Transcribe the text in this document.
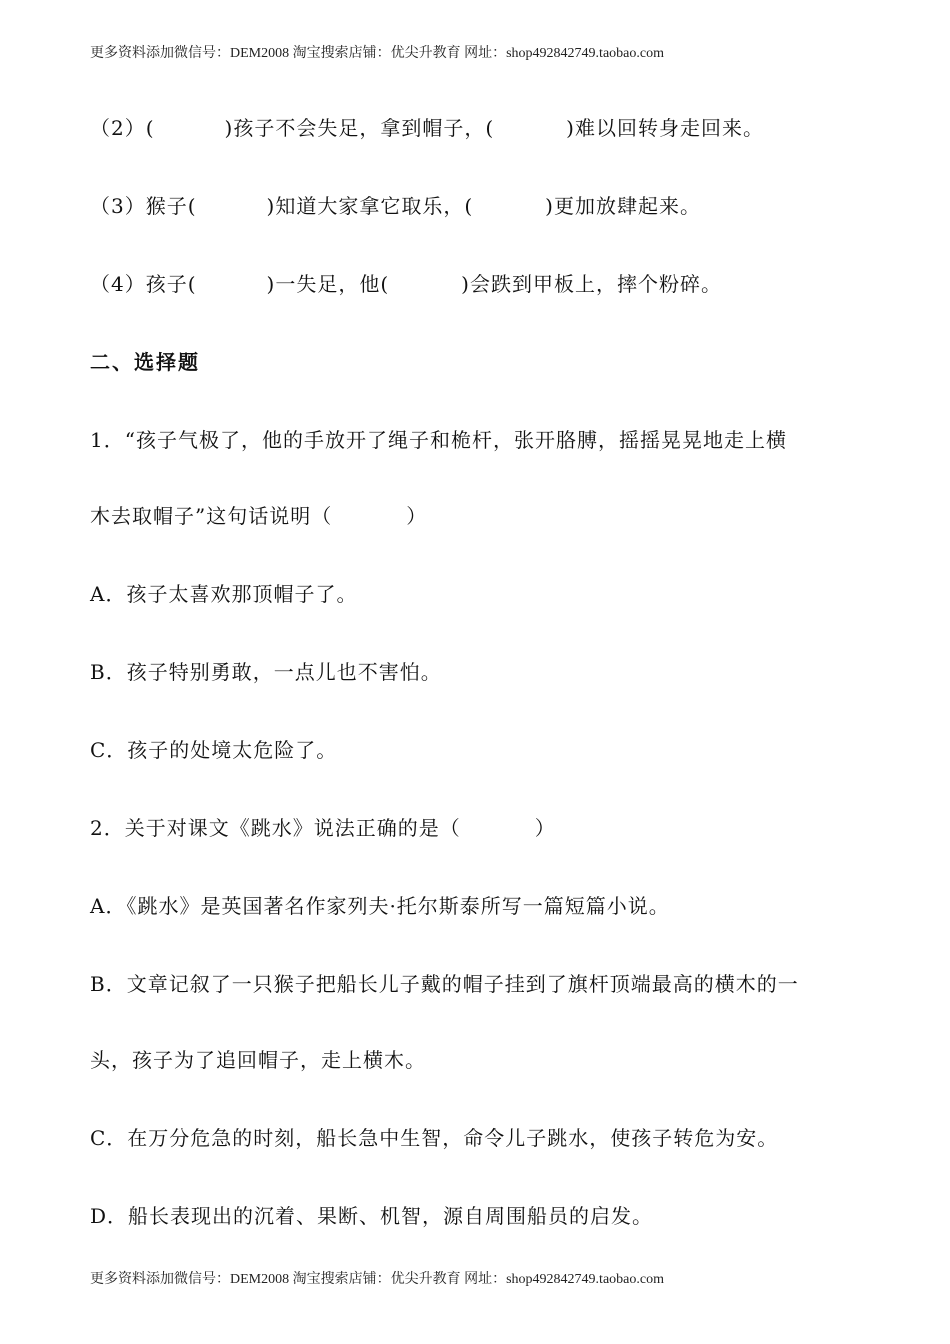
更多资料添加微信号：DEM2008 淘宝搜索店铺：优尖升教育 网址：shop492842749.taobao.com
（2）(	)孩子不会失足，拿到帽子，(	)难以回转身走回来。
（3）猴子(	)知道大家拿它取乐，(	)更加放肆起来。
（4）孩子(	)一失足，他(	)会跌到甲板上，摔个粉碎。
二、选择题
1．“孩子气极了，他的手放开了绳子和桅杆，张开胳膊，摇摇晃晃地走上横
木去取帽子”这句话说明（	）
A．孩子太喜欢那顶帽子了。
B．孩子特别勇敢，一点儿也不害怕。
C．孩子的处境太危险了。
2．关于对课文《跳水》说法正确的是（	）
A．《跳水》是英国著名作家列夫·托尔斯泰所写一篇短篇小说。
B．文章记叙了一只猴子把船长儿子戴的帽子挂到了旗杆顶端最高的横木的一
头，孩子为了追回帽子，走上横木。
C．在万分危急的时刻，船长急中生智，命令儿子跳水，使孩子转危为安。
D．船长表现出的沉着、果断、机智，源自周围船员的启发。
更多资料添加微信号：DEM2008 淘宝搜索店铺：优尖升教育 网址：shop492842749.taobao.com
